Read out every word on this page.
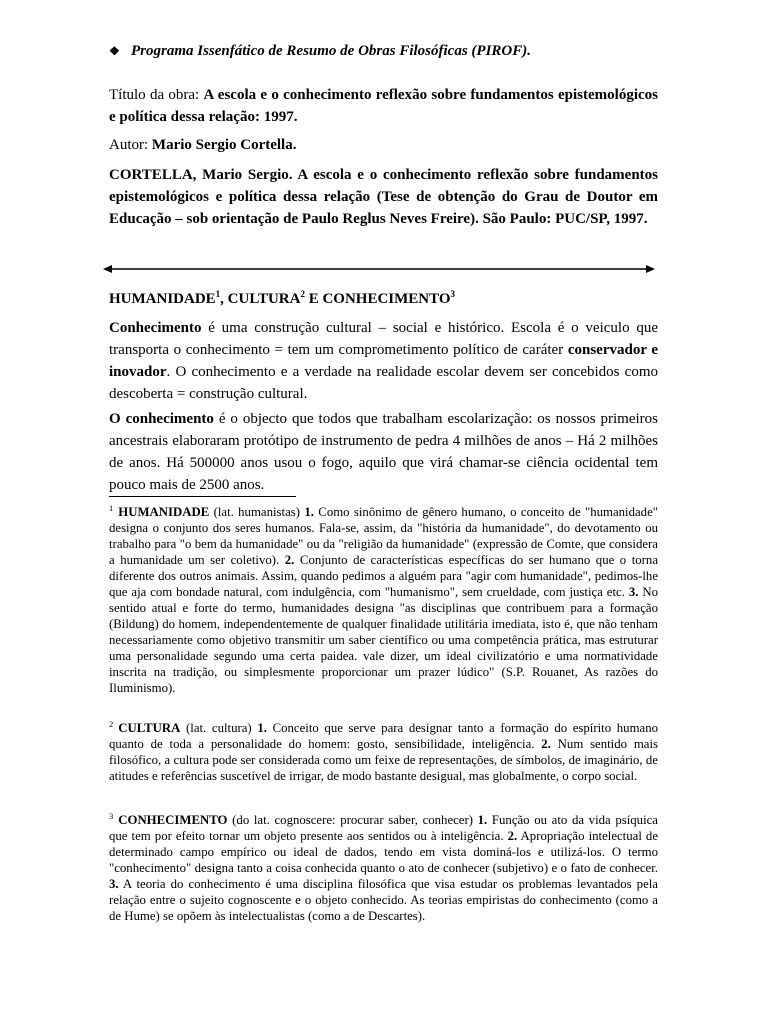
❖ Programa Issenfático de Resumo de Obras Filosóficas (PIROF).
Título da obra: A escola e o conhecimento reflexão sobre fundamentos epistemológicos e política dessa relação: 1997.
Autor: Mario Sergio Cortella.
CORTELLA, Mario Sergio. A escola e o conhecimento reflexão sobre fundamentos epistemológicos e política dessa relação (Tese de obtenção do Grau de Doutor em Educação – sob orientação de Paulo Reglus Neves Freire). São Paulo: PUC/SP, 1997.
HUMANIDADE$^1$, CULTURA$^2$ E CONHECIMENTO$^3$
Conhecimento é uma construção cultural – social e histórico. Escola é o veiculo que transporta o conhecimento = tem um comprometimento político de caráter conservador e inovador. O conhecimento e a verdade na realidade escolar devem ser concebidos como descoberta = construção cultural.
O conhecimento é o objecto que todos que trabalham escolarização: os nossos primeiros ancestrais elaboraram protótipo de instrumento de pedra 4 milhões de anos – Há 2 milhões de anos. Há 500000 anos usou o fogo, aquilo que virá chamar-se ciência ocidental tem pouco mais de 2500 anos.
$^1$ HUMANIDADE (lat. humanistas) 1. Como sinônimo de gênero humano, o conceito de "humanidade" designa o conjunto dos seres humanos. Fala-se, assim, da "história da humanidade", do devotamento ou trabalho para "o bem da humanidade" ou da "religião da humanidade" (expressão de Comte, que considera a humanidade um ser coletivo). 2. Conjunto de características específicas do ser humano que o torna diferente dos outros animais. Assim, quando pedimos a alguém para "agir com humanidade", pedimos-lhe que aja com bondade natural, com indulgência, com "humanismo", sem crueldade, com justiça etc. 3. No sentido atual e forte do termo, humanidades designa "as disciplinas que contribuem para a formação (Bildung) do homem, independentemente de qualquer finalidade utilitária imediata, isto é, que não tenham necessariamente como objetivo transmitir um saber científico ou uma competência prática, mas estruturar uma personalidade segundo uma certa paidea. vale dizer, um ideal civilizatório e uma normatividade inscrita na tradição, ou simplesmente proporcionar um prazer lúdico" (S.P. Rouanet, As razões do Iluminismo).
$^2$ CULTURA (lat. cultura) 1. Conceito que serve para designar tanto a formação do espírito humano quanto de toda a personalidade do homem: gosto, sensibilidade, inteligência. 2. Num sentido mais filosófico, a cultura pode ser considerada como um feixe de representações, de símbolos, de imaginário, de atitudes e referências suscetível de irrigar, de modo bastante desigual, mas globalmente, o corpo social.
$^3$ CONHECIMENTO (do lat. cognoscere: procurar saber, conhecer) 1. Função ou ato da vida psíquica que tem por efeito tornar um objeto presente aos sentidos ou à inteligência. 2. Apropriação intelectual de determinado campo empírico ou ideal de dados, tendo em vista dominá-los e utilizá-los. O termo "conhecimento" designa tanto a coisa conhecida quanto o ato de conhecer (subjetivo) e o fato de conhecer. 3. A teoria do conhecimento é uma disciplina filosófica que visa estudar os problemas levantados pela relação entre o sujeito cognoscente e o objeto conhecido. As teorias empiristas do conhecimento (como a de Hume) se opõem às intelectualistas (como a de Descartes).
